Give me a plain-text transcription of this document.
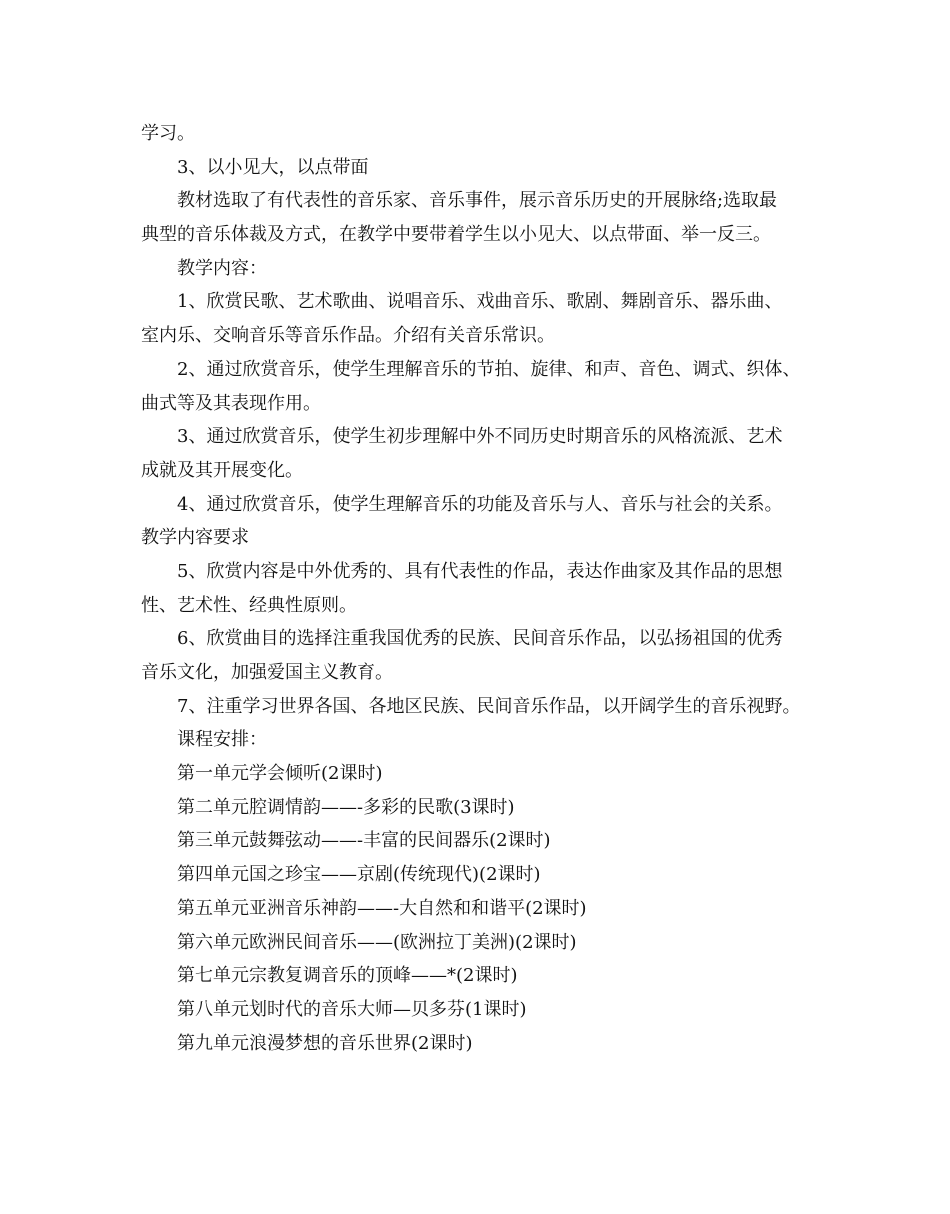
学习。

3、以小见大，以点带面

教材选取了有代表性的音乐家、音乐事件，展示音乐历史的开展脉络;选取最

典型的音乐体裁及方式，在教学中要带着学生以小见大、以点带面、举一反三。

教学内容：

1、欣赏民歌、艺术歌曲、说唱音乐、戏曲音乐、歌剧、舞剧音乐、器乐曲、

室内乐、交响音乐等音乐作品。介绍有关音乐常识。

2、通过欣赏音乐，使学生理解音乐的节拍、旋律、和声、音色、调式、织体、

曲式等及其表现作用。

3、通过欣赏音乐，使学生初步理解中外不同历史时期音乐的风格流派、艺术

成就及其开展变化。

4、通过欣赏音乐，使学生理解音乐的功能及音乐与人、音乐与社会的关系。

教学内容要求

5、欣赏内容是中外优秀的、具有代表性的作品，表达作曲家及其作品的思想

性、艺术性、经典性原则。

6、欣赏曲目的选择注重我国优秀的民族、民间音乐作品，以弘扬祖国的优秀

音乐文化，加强爱国主义教育。

7、注重学习世界各国、各地区民族、民间音乐作品，以开阔学生的音乐视野。

课程安排：

第一单元学会倾听(2课时)

第二单元腔调情韵——-多彩的民歌(3课时)

第三单元鼓舞弦动——-丰富的民间器乐(2课时)

第四单元国之珍宝——京剧(传统现代)(2课时)

第五单元亚洲音乐神韵——-大自然和和谐平(2课时)

第六单元欧洲民间音乐——(欧洲拉丁美洲)(2课时)

第七单元宗教复调音乐的顶峰——*(2课时)

第八单元划时代的音乐大师—贝多芬(1课时)

第九单元浪漫梦想的音乐世界(2课时)
